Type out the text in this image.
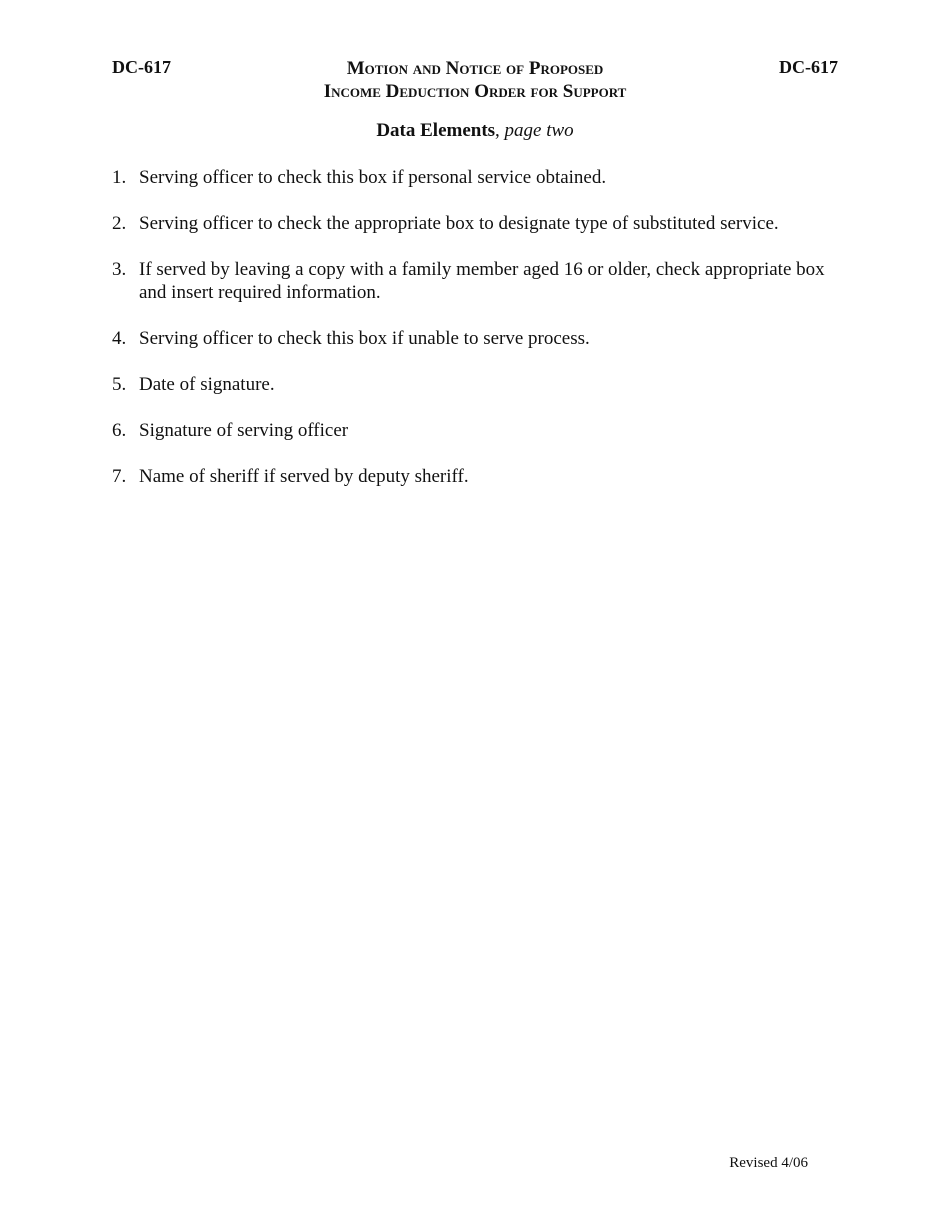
DC-617	DC-617
Motion and Notice of Proposed
Income Deduction Order for Support
Data Elements, page two
1. Serving officer to check this box if personal service obtained.
2. Serving officer to check the appropriate box to designate type of substituted service.
3. If served by leaving a copy with a family member aged 16 or older, check appropriate box and insert required information.
4. Serving officer to check this box if unable to serve process.
5. Date of signature.
6. Signature of serving officer
7. Name of sheriff if served by deputy sheriff.
Revised 4/06
